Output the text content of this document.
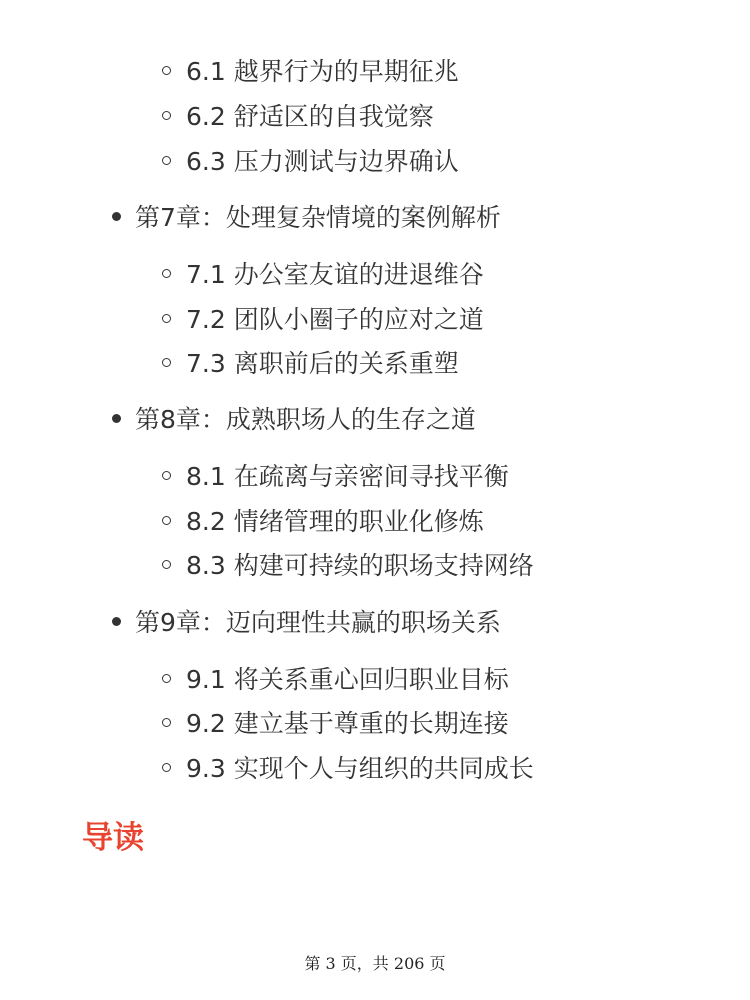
6.1 越界行为的早期征兆
6.2 舒适区的自我觉察
6.3 压力测试与边界确认
第7章：处理复杂情境的案例解析
7.1 办公室友谊的进退维谷
7.2 团队小圈子的应对之道
7.3 离职前后的关系重塑
第8章：成熟职场人的生存之道
8.1 在疏离与亲密间寻找平衡
8.2 情绪管理的职业化修炼
8.3 构建可持续的职场支持网络
第9章：迈向理性共赢的职场关系
9.1 将关系重心回归职业目标
9.2 建立基于尊重的长期连接
9.3 实现个人与组织的共同成长
导读
第 3 页，共 206 页
